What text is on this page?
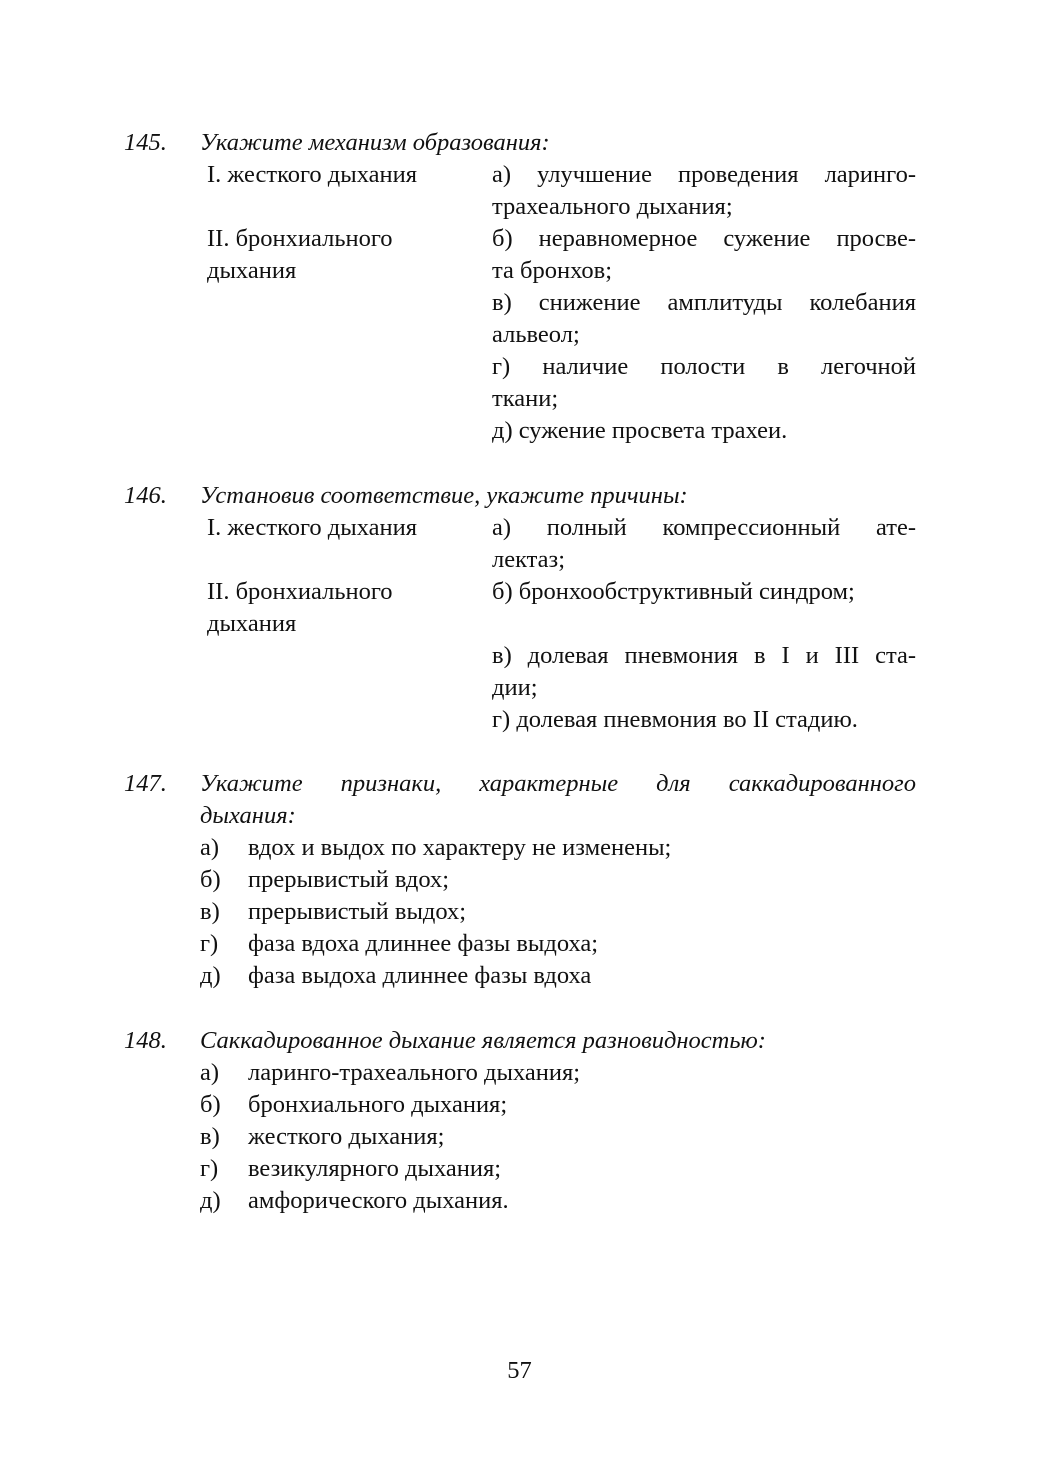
145. Укажите механизм образования:
I. жесткого дыхания	а) улучшение проведения ларинго-
трахеального дыхания;
II. бронхиального	б) неравномерное сужение просве-
дыхания	та бронхов;
в) снижение амплитуды колебания
альвеол;
г) наличие полости в легочной
ткани;
д) сужение просвета трахеи.
146. Установив соответствие, укажите причины:
I. жесткого дыхания	а) полный компрессионный ате-
лектаз;
II. бронхиального	б) бронхообструктивный синдром;
дыхания
в) долевая пневмония в I и III ста-
дии;
г) долевая пневмония во II стадию.
147. Укажите признаки, характерные для саккадированного
дыхания:
а) вдох и выдох по характеру не изменены;
б) прерывистый вдох;
в) прерывистый выдох;
г) фаза вдоха длиннее фазы выдоха;
д) фаза выдоха длиннее фазы вдоха
148. Саккадированное дыхание является разновидностью:
а) ларинго-трахеального дыхания;
б) бронхиального дыхания;
в) жесткого дыхания;
г) везикулярного дыхания;
д) амфорического дыхания.
57
